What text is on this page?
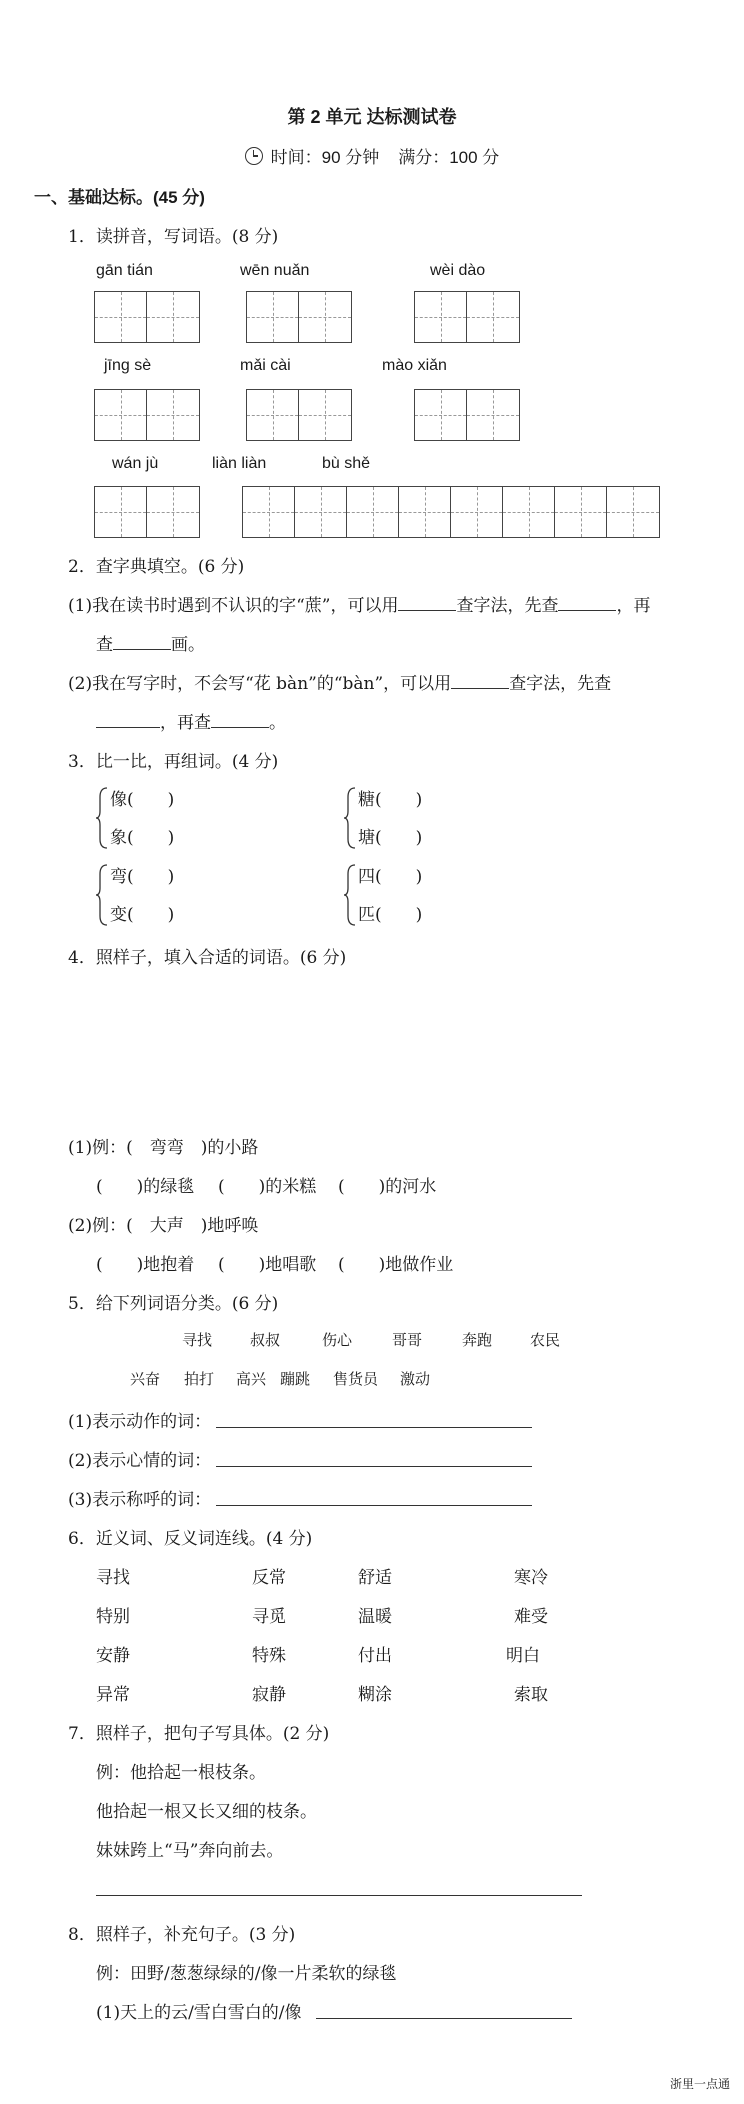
第 2 单元 达标测试卷
时间：90 分钟 满分：100 分
一、基础达标。(45 分)
1．读拼音，写词语。(8 分)
gān tián	wēn nuǎn	wèi dào
jīng sè	mǎi cài	mào xiǎn
wán jù	liàn liàn	bù shě
2．查字典填空。(6 分)
(1)我在读书时遇到不认识的字“蔗”，可以用	查字法，先查	，再
查	画。
(2)我在写字时，不会写“花 bàn”的“bàn”，可以用	查字法，先查
，再查	。
3．比一比，再组词。(4 分)
像(　　)
象(　　)
糖(　　)
塘(　　)
弯(　　)
变(　　)
四(　　)
匹(　　)
4．照样子，填入合适的词语。(6 分)
(1)例：(　弯弯　)的小路
(　　)的绿毯 (　　)的米糕 (　　)的河水
(2)例：(　大声　)地呼唤
(　　)地抱着 (　　)地唱歌 (　　)地做作业
5．给下列词语分类。(6 分)
寻找	叔叔	伤心	哥哥	奔跑	农民
兴奋 拍打 高兴 蹦跳 售货员 激动
(1)表示动作的词：
(2)表示心情的词：
(3)表示称呼的词：
6．近义词、反义词连线。(4 分)
寻找	反常	舒适	寒冷
特别	寻觅	温暖	难受
安静	特殊	付出	明白
异常	寂静	糊涂	索取
7．照样子，把句子写具体。(2 分)
例：他拾起一根枝条。
他拾起一根又长又细的枝条。
妹妹跨上“马”奔向前去。
8．照样子，补充句子。(3 分)
例：田野/葱葱绿绿的/像一片柔软的绿毯
(1)天上的云/雪白雪白的/像
浙里一点通
